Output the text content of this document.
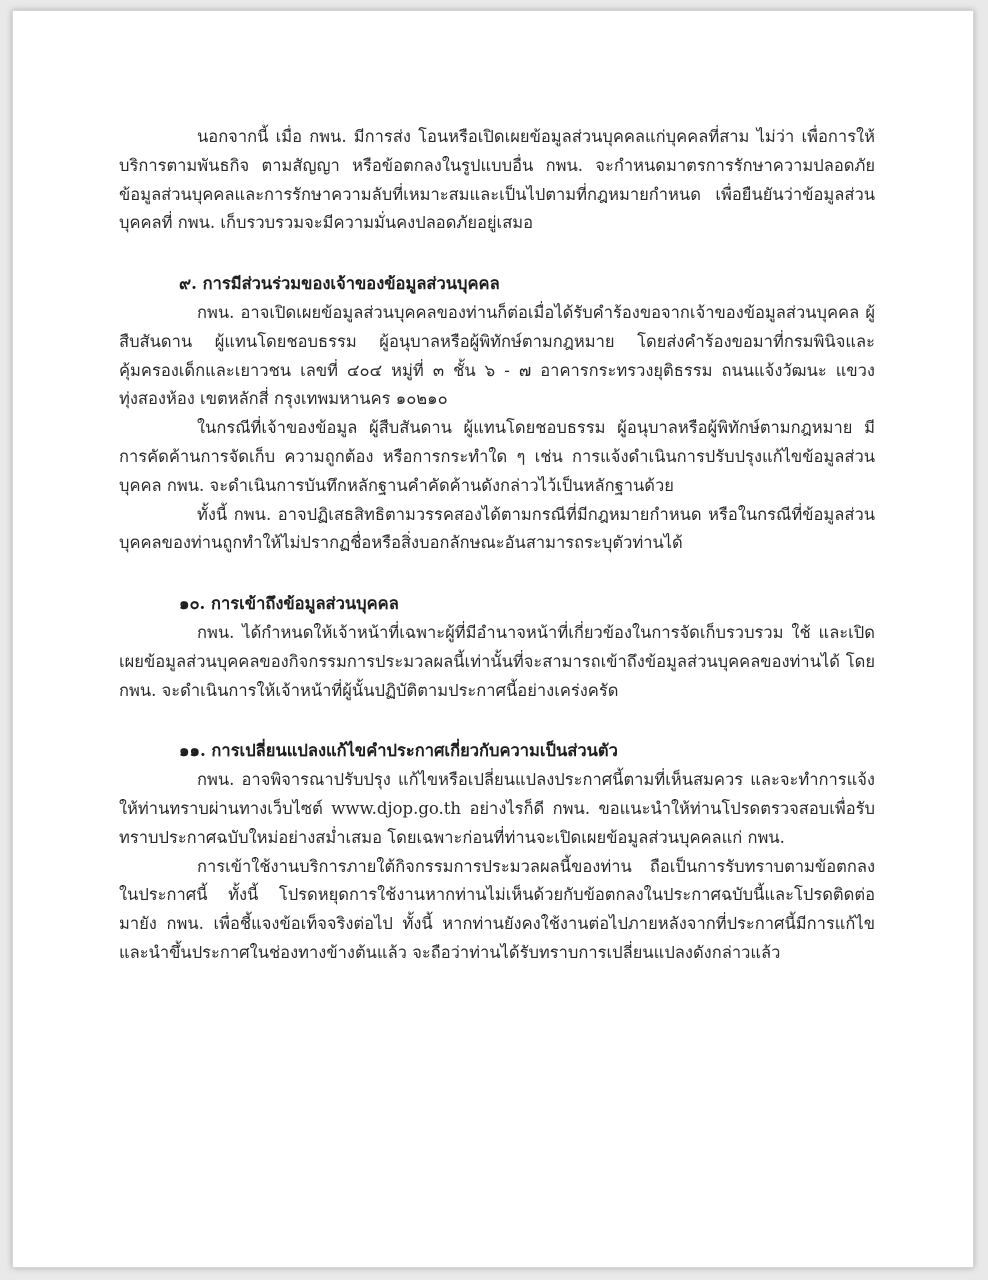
นอกจากนี้ เมื่อ กพน. มีการส่ง โอนหรือเปิดเผยข้อมูลส่วนบุคคลแก่บุคคลที่สาม ไม่ว่า เพื่อการให้บริการตามพันธกิจ ตามสัญญา หรือข้อตกลงในรูปแบบอื่น กพน. จะกำหนดมาตรการรักษาความปลอดภัยข้อมูลส่วนบุคคลและการรักษาความลับที่เหมาะสมและเป็นไปตามที่กฎหมายกำหนด เพื่อยืนยันว่าข้อมูลส่วนบุคคลที่ กพน. เก็บรวบรวมจะมีความมั่นคงปลอดภัยอยู่เสมอ

๙. การมีส่วนร่วมของเจ้าของข้อมูลส่วนบุคคล

กพน. อาจเปิดเผยข้อมูลส่วนบุคคลของท่านก็ต่อเมื่อได้รับคำร้องขอจากเจ้าของข้อมูลส่วนบุคคล ผู้สืบสันดาน ผู้แทนโดยชอบธรรม ผู้อนุบาลหรือผู้พิทักษ์ตามกฎหมาย โดยส่งคำร้องขอมาที่กรมพินิจและคุ้มครองเด็กและเยาวชน เลขที่ ๔๐๔ หมู่ที่ ๓ ชั้น ๖ - ๗ อาคารกระทรวงยุติธรรม ถนนแจ้งวัฒนะ แขวงทุ่งสองห้อง เขตหลักสี่ กรุงเทพมหานคร ๑๐๒๑๐

ในกรณีที่เจ้าของข้อมูล ผู้สืบสันดาน ผู้แทนโดยชอบธรรม ผู้อนุบาลหรือผู้พิทักษ์ตามกฎหมาย มีการคัดค้านการจัดเก็บ ความถูกต้อง หรือการกระทำใด ๆ เช่น การแจ้งดำเนินการปรับปรุงแก้ไขข้อมูลส่วนบุคคล กพน. จะดำเนินการบันทึกหลักฐานคำคัดค้านดังกล่าวไว้เป็นหลักฐานด้วย

ทั้งนี้ กพน. อาจปฏิเสธสิทธิตามวรรคสองได้ตามกรณีที่มีกฎหมายกำหนด หรือในกรณีที่ข้อมูลส่วนบุคคลของท่านถูกทำให้ไม่ปรากฏชื่อหรือสิ่งบอกลักษณะอันสามารถระบุตัวท่านได้

๑๐. การเข้าถึงข้อมูลส่วนบุคคล

กพน. ได้กำหนดให้เจ้าหน้าที่เฉพาะผู้ที่มีอำนาจหน้าที่เกี่ยวข้องในการจัดเก็บรวบรวม ใช้ และเปิดเผยข้อมูลส่วนบุคคลของกิจกรรมการประมวลผลนี้เท่านั้นที่จะสามารถเข้าถึงข้อมูลส่วนบุคคลของท่านได้ โดย กพน. จะดำเนินการให้เจ้าหน้าที่ผู้นั้นปฏิบัติตามประกาศนี้อย่างเคร่งครัด

๑๑. การเปลี่ยนแปลงแก้ไขคำประกาศเกี่ยวกับความเป็นส่วนตัว

กพน. อาจพิจารณาปรับปรุง แก้ไขหรือเปลี่ยนแปลงประกาศนี้ตามที่เห็นสมควร และจะทำการแจ้งให้ท่านทราบผ่านทางเว็บไซต์ www.djop.go.th อย่างไรก็ดี กพน. ขอแนะนำให้ท่านโปรดตรวจสอบเพื่อรับทราบประกาศฉบับใหม่อย่างสม่ำเสมอ โดยเฉพาะก่อนที่ท่านจะเปิดเผยข้อมูลส่วนบุคคลแก่ กพน.

การเข้าใช้งานบริการภายใต้กิจกรรมการประมวลผลนี้ของท่าน ถือเป็นการรับทราบตามข้อตกลงในประกาศนี้ ทั้งนี้ โปรดหยุดการใช้งานหากท่านไม่เห็นด้วยกับข้อตกลงในประกาศฉบับนี้และโปรดติดต่อมายัง กพน. เพื่อชี้แจงข้อเท็จจริงต่อไป ทั้งนี้ หากท่านยังคงใช้งานต่อไปภายหลังจากที่ประกาศนี้มีการแก้ไขและนำขึ้นประกาศในช่องทางข้างต้นแล้ว จะถือว่าท่านได้รับทราบการเปลี่ยนแปลงดังกล่าวแล้ว
